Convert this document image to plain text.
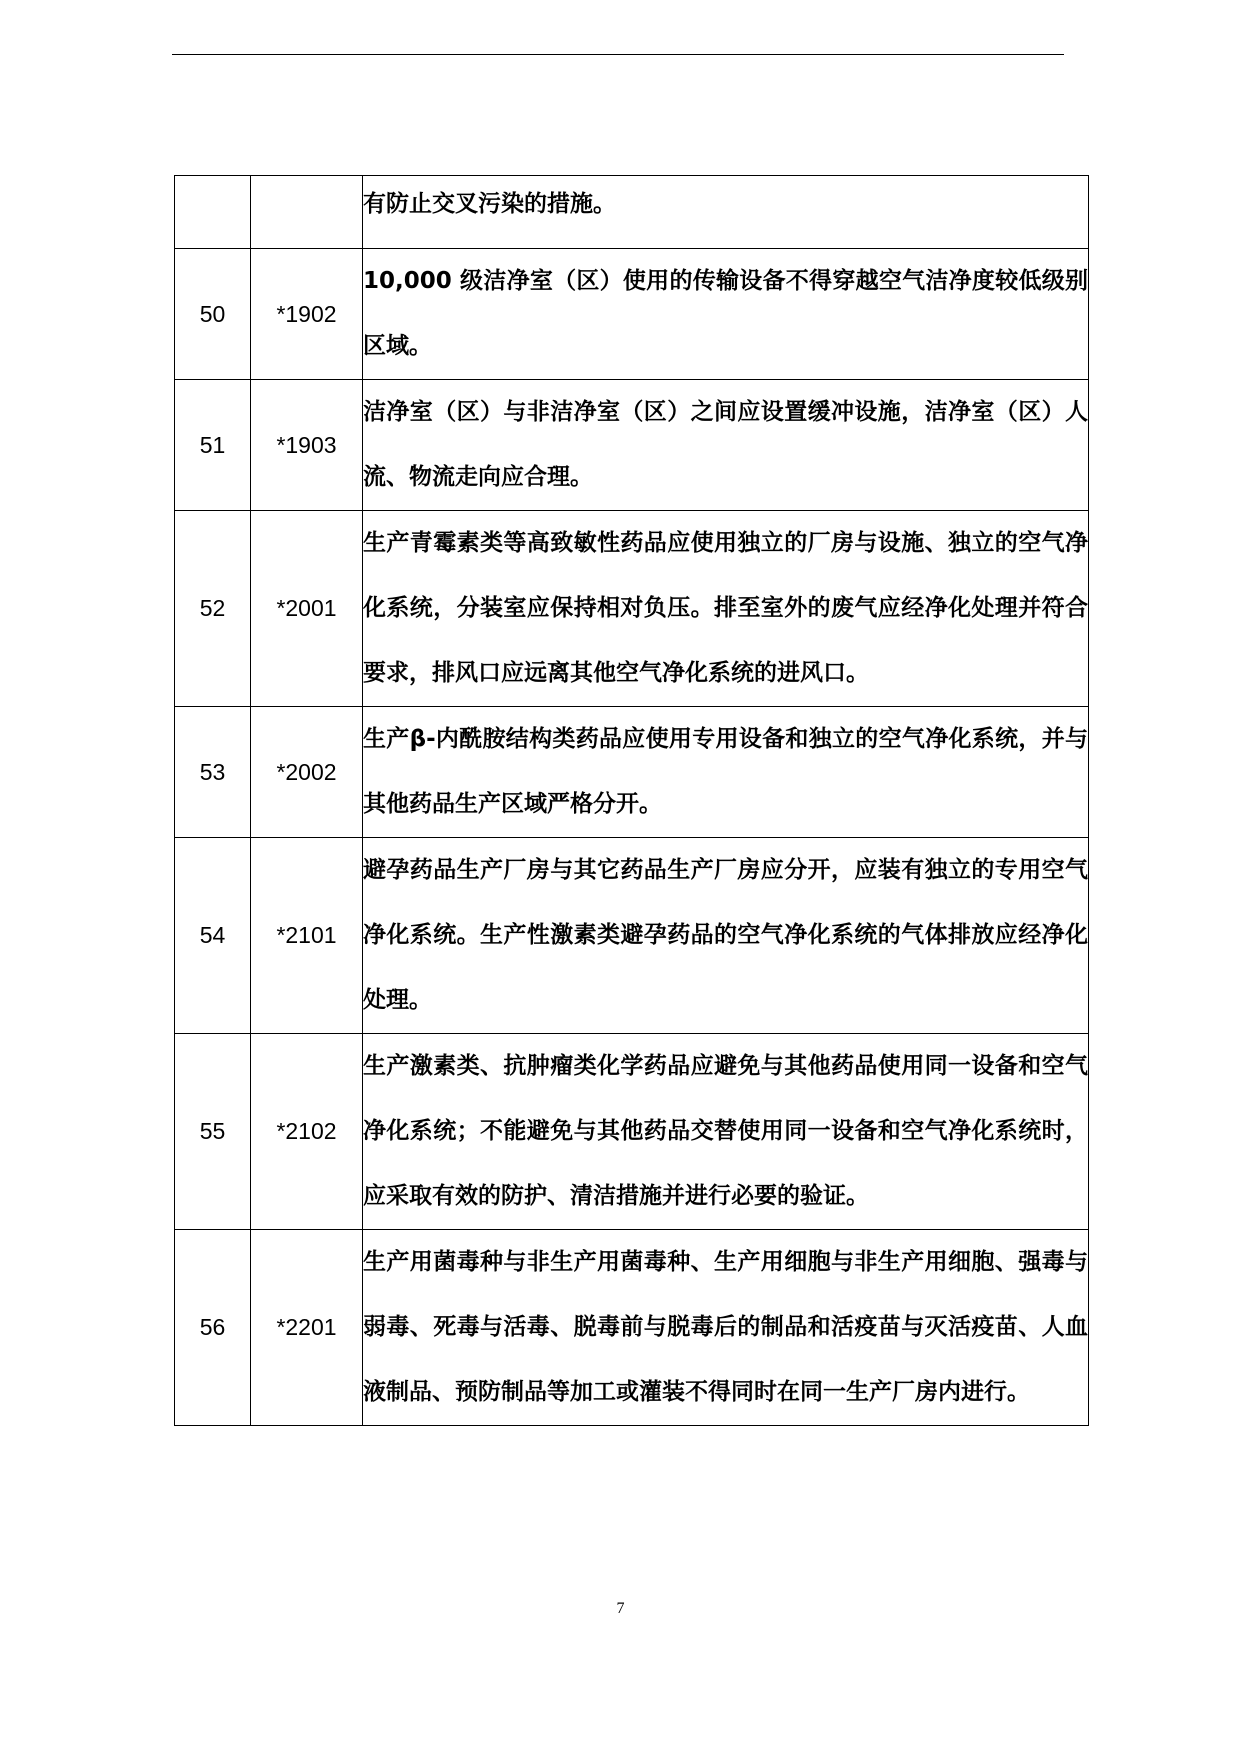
		有防止交叉污染的措施。
50	*1902	10,000 级洁净室（区）使用的传输设备不得穿越空气洁净度较低级别区域。
51	*1903	洁净室（区）与非洁净室（区）之间应设置缓冲设施，洁净室（区）人流、物流走向应合理。
52	*2001	生产青霉素类等高致敏性药品应使用独立的厂房与设施、独立的空气净化系统，分装室应保持相对负压。排至室外的废气应经净化处理并符合要求，排风口应远离其他空气净化系统的进风口。
53	*2002	生产β-内酰胺结构类药品应使用专用设备和独立的空气净化系统，并与其他药品生产区域严格分开。
54	*2101	避孕药品生产厂房与其它药品生产厂房应分开，应装有独立的专用空气净化系统。生产性激素类避孕药品的空气净化系统的气体排放应经净化处理。
55	*2102	生产激素类、抗肿瘤类化学药品应避免与其他药品使用同一设备和空气净化系统；不能避免与其他药品交替使用同一设备和空气净化系统时，应采取有效的防护、清洁措施并进行必要的验证。
56	*2201	生产用菌毒种与非生产用菌毒种、生产用细胞与非生产用细胞、强毒与弱毒、死毒与活毒、脱毒前与脱毒后的制品和活疫苗与灭活疫苗、人血液制品、预防制品等加工或灌装不得同时在同一生产厂房内进行。
7
